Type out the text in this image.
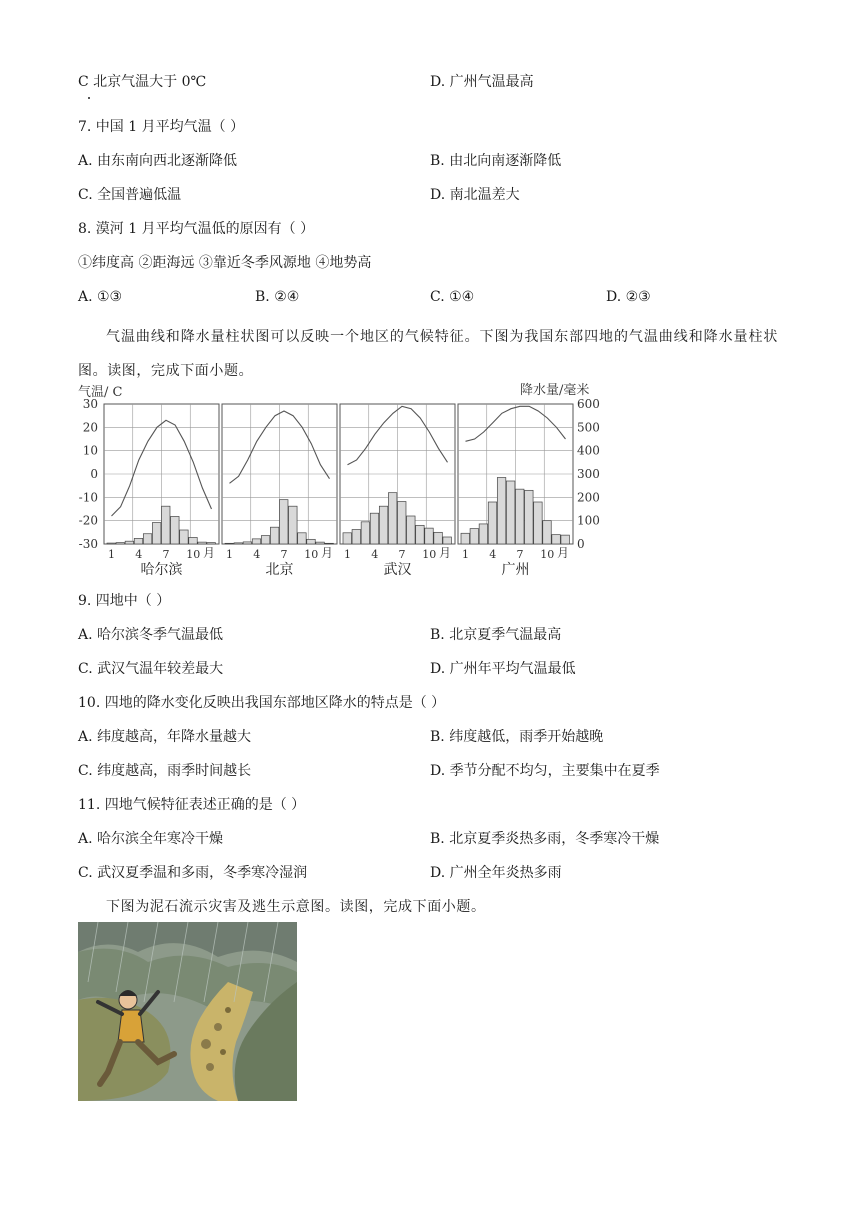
C 北京气温大于 0℃	D. 广州气温最高
7. 中国 1 月平均气温（ ）
A. 由东南向西北逐渐降低	B. 由北向南逐渐降低
C. 全国普遍低温	D. 南北温差大
8. 漠河 1 月平均气温低的原因有（ ）
①纬度高 ②距海远 ③靠近冬季风源地 ④地势高
A. ①③	B. ②④	C. ①④	D. ②③
气温曲线和降水量柱状图可以反映一个地区的气候特征。下图为我国东部四地的气温曲线和降水量柱状图。读图，完成下面小题。
气温/ C	降水量/毫米
30
20
10
0
-10
-20
-30
600
500
400
300
200
100
0
1 4 7 10 月
哈尔滨
1 4 7 10 月
北京
1 4 7 10 月
武汉
1 4 7 10 月
广州
9. 四地中（ ）
A. 哈尔滨冬季气温最低	B. 北京夏季气温最高
C. 武汉气温年较差最大	D. 广州年平均气温最低
10. 四地的降水变化反映出我国东部地区降水的特点是（ ）
A. 纬度越高，年降水量越大	B. 纬度越低，雨季开始越晚
C. 纬度越高，雨季时间越长	D. 季节分配不均匀，主要集中在夏季
11. 四地气候特征表述正确的是（ ）
A. 哈尔滨全年寒冷干燥	B. 北京夏季炎热多雨，冬季寒冷干燥
C. 武汉夏季温和多雨，冬季寒冷湿润	D. 广州全年炎热多雨
下图为泥石流示灾害及逃生示意图。读图，完成下面小题。
